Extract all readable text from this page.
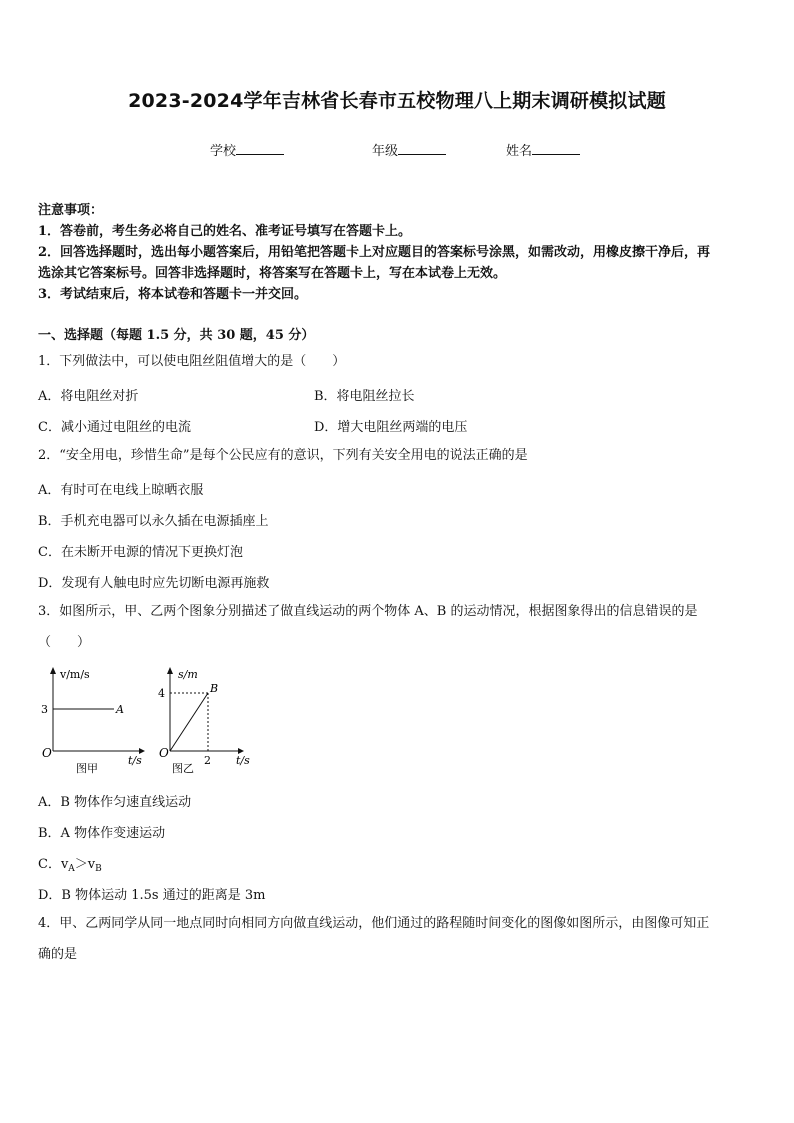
2023-2024学年吉林省长春市五校物理八上期末调研模拟试题
学校	年级	姓名
注意事项：
1．答卷前，考生务必将自己的姓名、准考证号填写在答题卡上。
2．回答选择题时，选出每小题答案后，用铅笔把答题卡上对应题目的答案标号涂黑，如需改动，用橡皮擦干净后，再
选涂其它答案标号。回答非选择题时，将答案写在答题卡上，写在本试卷上无效。
3．考试结束后，将本试卷和答题卡一并交回。
一、选择题（每题 1.5 分，共 30 题，45 分）
1．下列做法中，可以使电阻丝阻值增大的是（　　）
A．将电阻丝对折	B．将电阻丝拉长
C．减小通过电阻丝的电流	D．增大电阻丝两端的电压
2．“安全用电，珍惜生命”是每个公民应有的意识，下列有关安全用电的说法正确的是
A．有时可在电线上晾晒衣服
B．手机充电器可以永久插在电源插座上
C．在未断开电源的情况下更换灯泡
D．发现有人触电时应先切断电源再施救
3．如图所示，甲、乙两个图象分别描述了做直线运动的两个物体 A、B 的运动情况，根据图象得出的信息错误的是
（　　）
v/m/s
3	A
O
t/s
图甲
s/m
4	B
O
2 t/s
图乙
A．B 物体作匀速直线运动
B．A 物体作变速运动
C．$v_A>v_B$
D．B 物体运动 1.5s 通过的距离是 3m
4．甲、乙两同学从同一地点同时向相同方向做直线运动，他们通过的路程随时间变化的图像如图所示，由图像可知正
确的是
